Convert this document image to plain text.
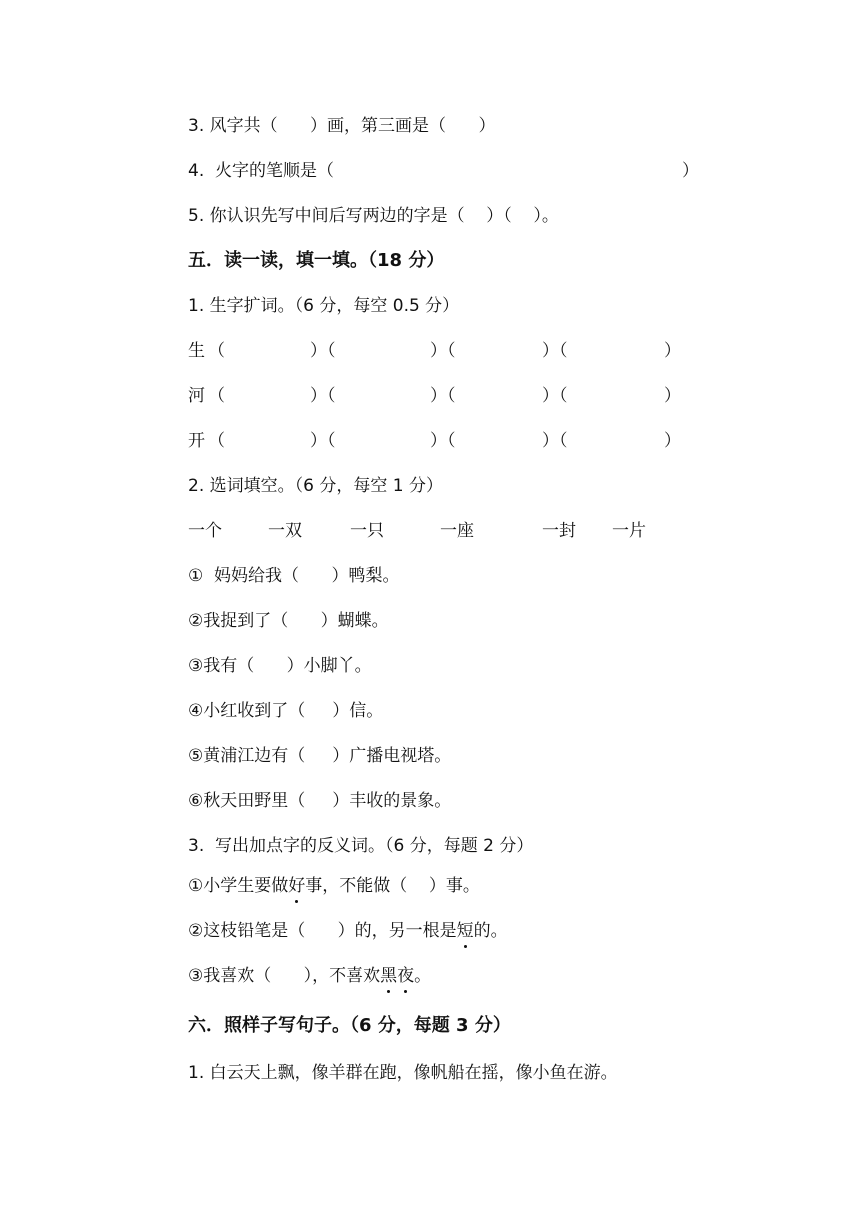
3. 风字共（      ）画，第三画是（      ）
4.  火字的笔顺是（	）
5. 你认识先写中间后写两边的字是（    ）（    ）。
五．读一读，填一填。（18 分）
1. 生字扩词。（6 分，每空 0.5 分）
生 （	）（	）（	）（	）
河 （	）（	）（	）（	）
开 （	）（	）（	）（	）
2. 选词填空。（6 分，每空 1 分）
一个	一双	一只	一座	一封 一片
①  妈妈给我（      ）鸭梨。
②我捉到了（      ）蝴蝶。
③我有（      ）小脚丫。
④小红收到了（     ）信。
⑤黄浦江边有（     ）广播电视塔。
⑥秋天田野里（     ）丰收的景象。
3.  写出加点字的反义词。（6 分，每题 2 分）
①小学生要做好事，不能做（    ）事。
②这枝铅笔是（      ）的，另一根是短的。
③我喜欢（      ），不喜欢黑夜。
六．照样子写句子。（6 分，每题 3 分）
1. 白云天上飘，像羊群在跑，像帆船在摇，像小鱼在游。
